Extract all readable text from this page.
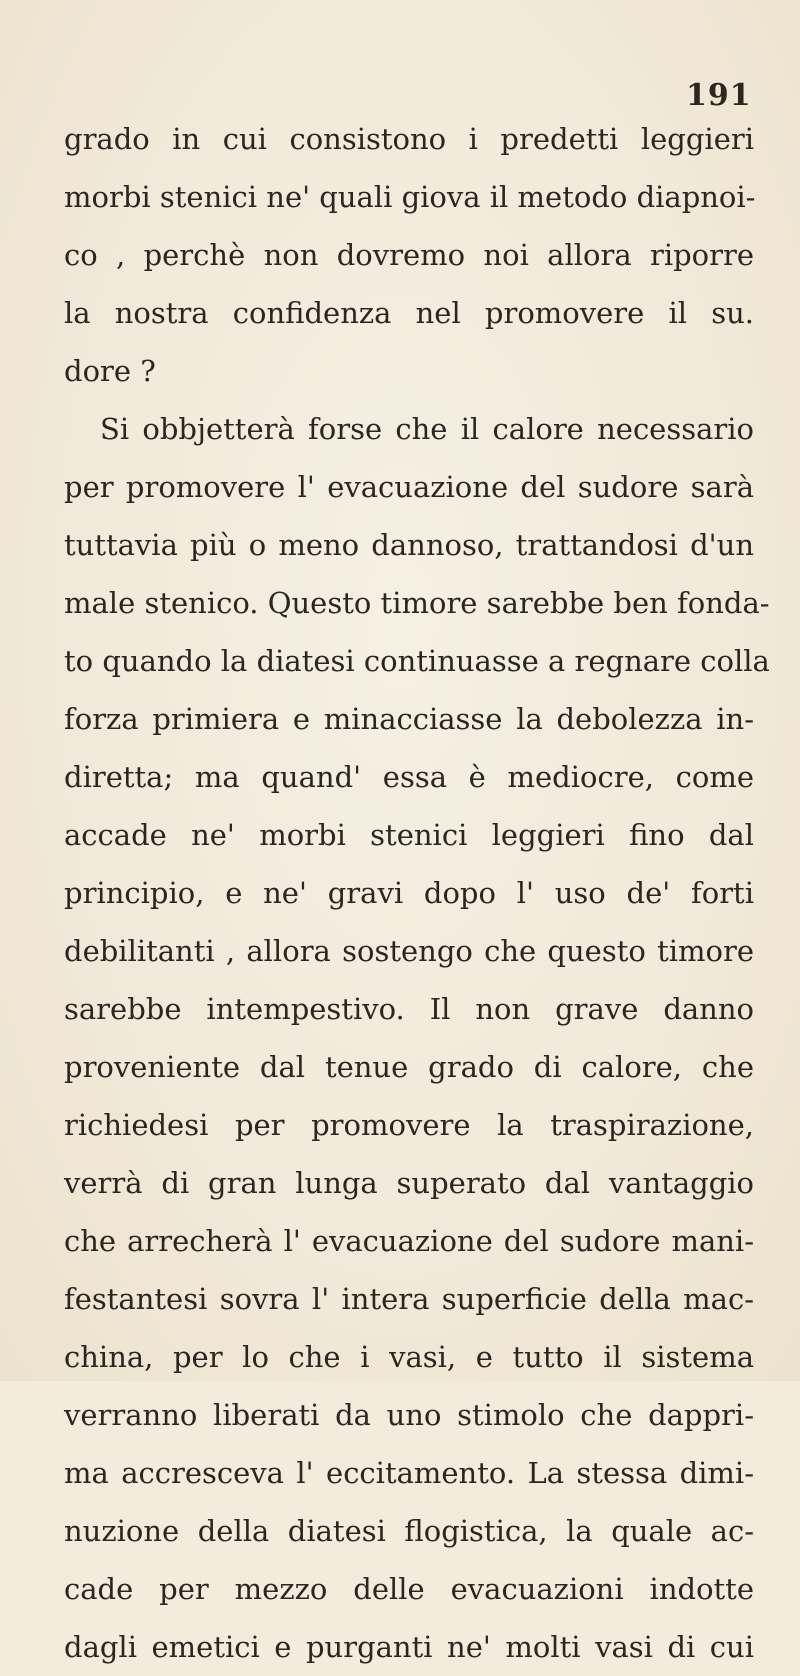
191
grado in cui consistono i predetti leggieri
morbi stenici ne' quali giova il metodo diapnoi-
co , perchè non dovremo noi allora riporre
la nostra confidenza nel promovere il su.
dore ?
Si obbjetterà forse che il calore necessario
per promovere l' evacuazione del sudore sarà
tuttavia più o meno dannoso, trattandosi d'un
male stenico. Questo timore sarebbe ben fonda-
to quando la diatesi continuasse a regnare colla
forza primiera e minacciasse la debolezza in-
diretta; ma quand' essa è mediocre, come
accade ne' morbi stenici leggieri fino dal
principio, e ne' gravi dopo l' uso de' forti
debilitanti , allora sostengo che questo timore
sarebbe intempestivo. Il non grave danno
proveniente dal tenue grado di calore, che
richiedesi per promovere la traspirazione,
verrà di gran lunga superato dal vantaggio
che arrecherà l' evacuazione del sudore mani-
festantesi sovra l' intera superficie della mac-
china, per lo che i vasi, e tutto il sistema
verranno liberati da uno stimolo che dappri-
ma accresceva l' eccitamento. La stessa dimi-
nuzione della diatesi flogistica, la quale ac-
cade per mezzo delle evacuazioni indotte
dagli emetici e purganti ne' molti vasi di cui
